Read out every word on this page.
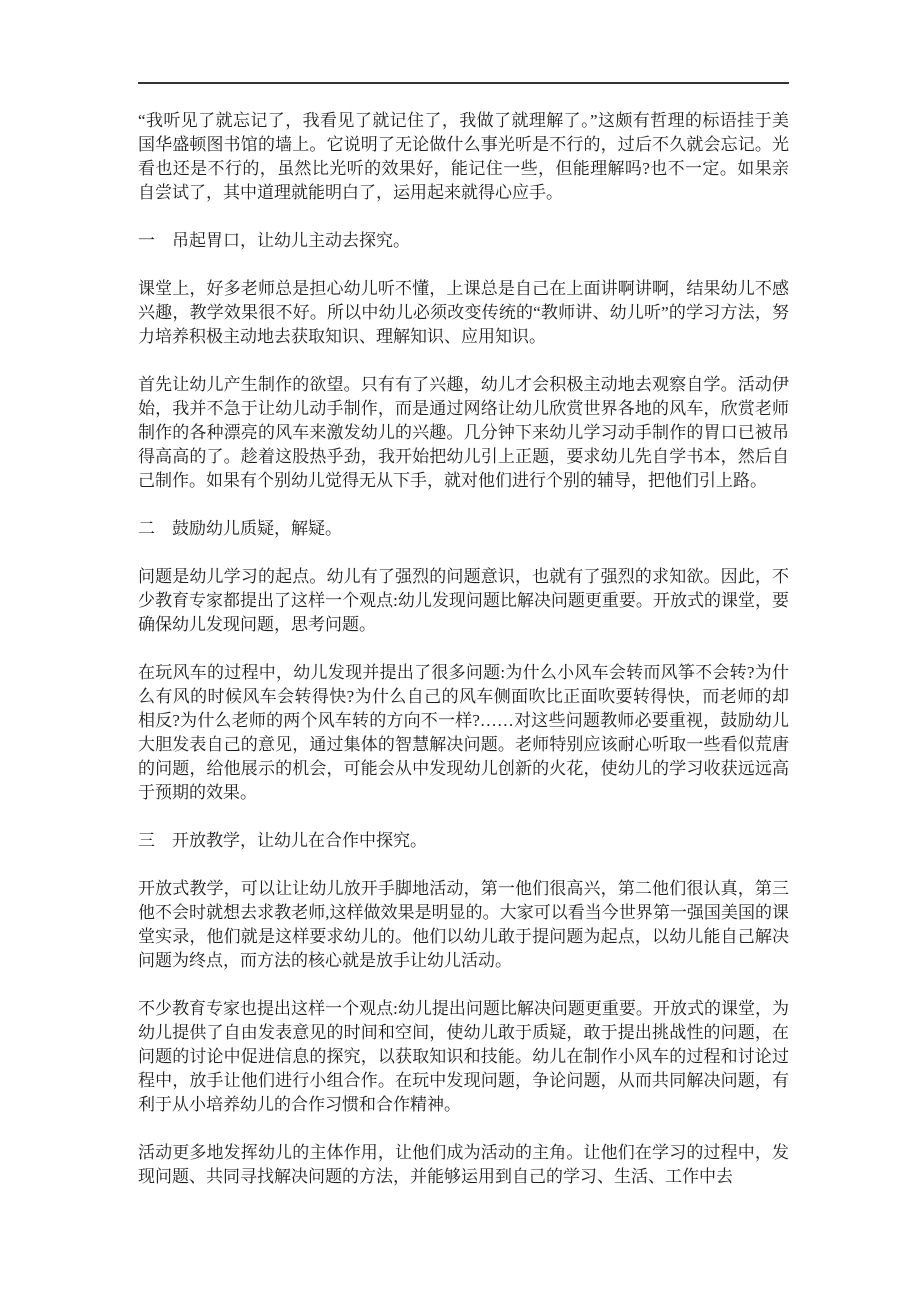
“我听见了就忘记了，我看见了就记住了，我做了就理解了。”这颇有哲理的标语挂于美国华盛顿图书馆的墙上。它说明了无论做什么事光听是不行的，过后不久就会忘记。光看也还是不行的，虽然比光听的效果好，能记住一些，但能理解吗?也不一定。如果亲自尝试了，其中道理就能明白了，运用起来就得心应手。

一　吊起胃口，让幼儿主动去探究。

课堂上，好多老师总是担心幼儿听不懂，上课总是自己在上面讲啊讲啊，结果幼儿不感兴趣，教学效果很不好。所以中幼儿必须改变传统的“教师讲、幼儿听”的学习方法，努力培养积极主动地去获取知识、理解知识、应用知识。

首先让幼儿产生制作的欲望。只有有了兴趣，幼儿才会积极主动地去观察自学。活动伊始，我并不急于让幼儿动手制作，而是通过网络让幼儿欣赏世界各地的风车，欣赏老师制作的各种漂亮的风车来激发幼儿的兴趣。几分钟下来幼儿学习动手制作的胃口已被吊得高高的了。趁着这股热乎劲，我开始把幼儿引上正题，要求幼儿先自学书本，然后自己制作。如果有个别幼儿觉得无从下手，就对他们进行个别的辅导，把他们引上路。

二　鼓励幼儿质疑，解疑。

问题是幼儿学习的起点。幼儿有了强烈的问题意识，也就有了强烈的求知欲。因此，不少教育专家都提出了这样一个观点:幼儿发现问题比解决问题更重要。开放式的课堂，要确保幼儿发现问题，思考问题。

在玩风车的过程中，幼儿发现并提出了很多问题:为什么小风车会转而风筝不会转?为什么有风的时候风车会转得快?为什么自己的风车侧面吹比正面吹要转得快，而老师的却相反?为什么老师的两个风车转的方向不一样?……对这些问题教师必要重视，鼓励幼儿大胆发表自己的意见，通过集体的智慧解决问题。老师特别应该耐心听取一些看似荒唐的问题，给他展示的机会，可能会从中发现幼儿创新的火花，使幼儿的学习收获远远高于预期的效果。

三　开放教学，让幼儿在合作中探究。

开放式教学，可以让让幼儿放开手脚地活动，第一他们很高兴，第二他们很认真，第三他不会时就想去求教老师,这样做效果是明显的。大家可以看当今世界第一强国美国的课堂实录，他们就是这样要求幼儿的。他们以幼儿敢于提问题为起点，以幼儿能自己解决问题为终点，而方法的核心就是放手让幼儿活动。

不少教育专家也提出这样一个观点:幼儿提出问题比解决问题更重要。开放式的课堂，为幼儿提供了自由发表意见的时间和空间，使幼儿敢于质疑，敢于提出挑战性的问题，在问题的讨论中促进信息的探究，以获取知识和技能。幼儿在制作小风车的过程和讨论过程中，放手让他们进行小组合作。在玩中发现问题，争论问题，从而共同解决问题，有利于从小培养幼儿的合作习惯和合作精神。

活动更多地发挥幼儿的主体作用，让他们成为活动的主角。让他们在学习的过程中，发现问题、共同寻找解决问题的方法，并能够运用到自己的学习、生活、工作中去
